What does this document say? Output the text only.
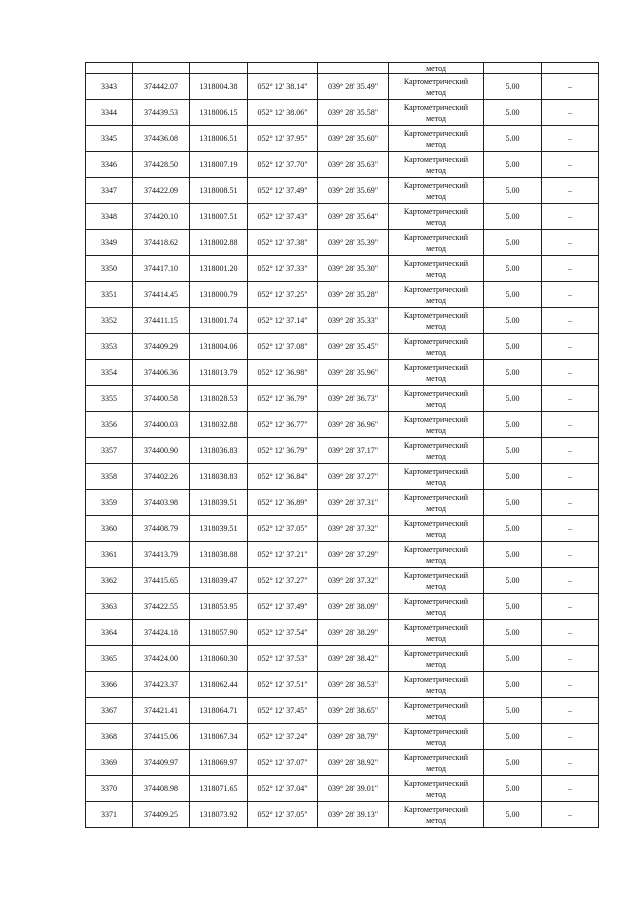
					метод		
3343	374442.07	1318004.38	052° 12' 38.14"	039° 28' 35.49"	Картометрический
метод	5.00	–
3344	374439.53	1318006.15	052° 12' 38.06"	039° 28' 35.58"	Картометрический
метод	5.00	–
3345	374436.08	1318006.51	052° 12' 37.95"	039° 28' 35.60"	Картометрический
метод	5.00	–
3346	374428.50	1318007.19	052° 12' 37.70"	039° 28' 35.63"	Картометрический
метод	5.00	–
3347	374422.09	1318008.51	052° 12' 37.49"	039° 28' 35.69"	Картометрический
метод	5.00	–
3348	374420.10	1318007.51	052° 12' 37.43"	039° 28' 35.64"	Картометрический
метод	5.00	–
3349	374418.62	1318002.88	052° 12' 37.38"	039° 28' 35.39"	Картометрический
метод	5.00	–
3350	374417.10	1318001.20	052° 12' 37.33"	039° 28' 35.30"	Картометрический
метод	5.00	–
3351	374414.45	1318000.79	052° 12' 37.25"	039° 28' 35.28"	Картометрический
метод	5.00	–
3352	374411.15	1318001.74	052° 12' 37.14"	039° 28' 35.33"	Картометрический
метод	5.00	–
3353	374409.29	1318004.06	052° 12' 37.08"	039° 28' 35.45"	Картометрический
метод	5.00	–
3354	374406.36	1318013.79	052° 12' 36.98"	039° 28' 35.96"	Картометрический
метод	5.00	–
3355	374400.58	1318028.53	052° 12' 36.79"	039° 28' 36.73"	Картометрический
метод	5.00	–
3356	374400.03	1318032.88	052° 12' 36.77"	039° 28' 36.96"	Картометрический
метод	5.00	–
3357	374400.90	1318036.83	052° 12' 36.79"	039° 28' 37.17"	Картометрический
метод	5.00	–
3358	374402.26	1318038.83	052° 12' 36.84"	039° 28' 37.27"	Картометрический
метод	5.00	–
3359	374403.98	1318039.51	052° 12' 36.89"	039° 28' 37.31"	Картометрический
метод	5.00	–
3360	374408.79	1318039.51	052° 12' 37.05"	039° 28' 37.32"	Картометрический
метод	5.00	–
3361	374413.79	1318038.88	052° 12' 37.21"	039° 28' 37.29"	Картометрический
метод	5.00	–
3362	374415.65	1318039.47	052° 12' 37.27"	039° 28' 37.32"	Картометрический
метод	5.00	–
3363	374422.55	1318053.95	052° 12' 37.49"	039° 28' 38.09"	Картометрический
метод	5.00	–
3364	374424.18	1318057.90	052° 12' 37.54"	039° 28' 38.29"	Картометрический
метод	5.00	–
3365	374424.00	1318060.30	052° 12' 37.53"	039° 28' 38.42"	Картометрический
метод	5.00	–
3366	374423.37	1318062.44	052° 12' 37.51"	039° 28' 38.53"	Картометрический
метод	5.00	–
3367	374421.41	1318064.71	052° 12' 37.45"	039° 28' 38.65"	Картометрический
метод	5.00	–
3368	374415.06	1318067.34	052° 12' 37.24"	039° 28' 38.79"	Картометрический
метод	5.00	–
3369	374409.97	1318069.97	052° 12' 37.07"	039° 28' 38.92"	Картометрический
метод	5.00	–
3370	374408.98	1318071.65	052° 12' 37.04"	039° 28' 39.01"	Картометрический
метод	5.00	–
3371	374409.25	1318073.92	052° 12' 37.05"	039° 28' 39.13"	Картометрический
метод	5.00	–
